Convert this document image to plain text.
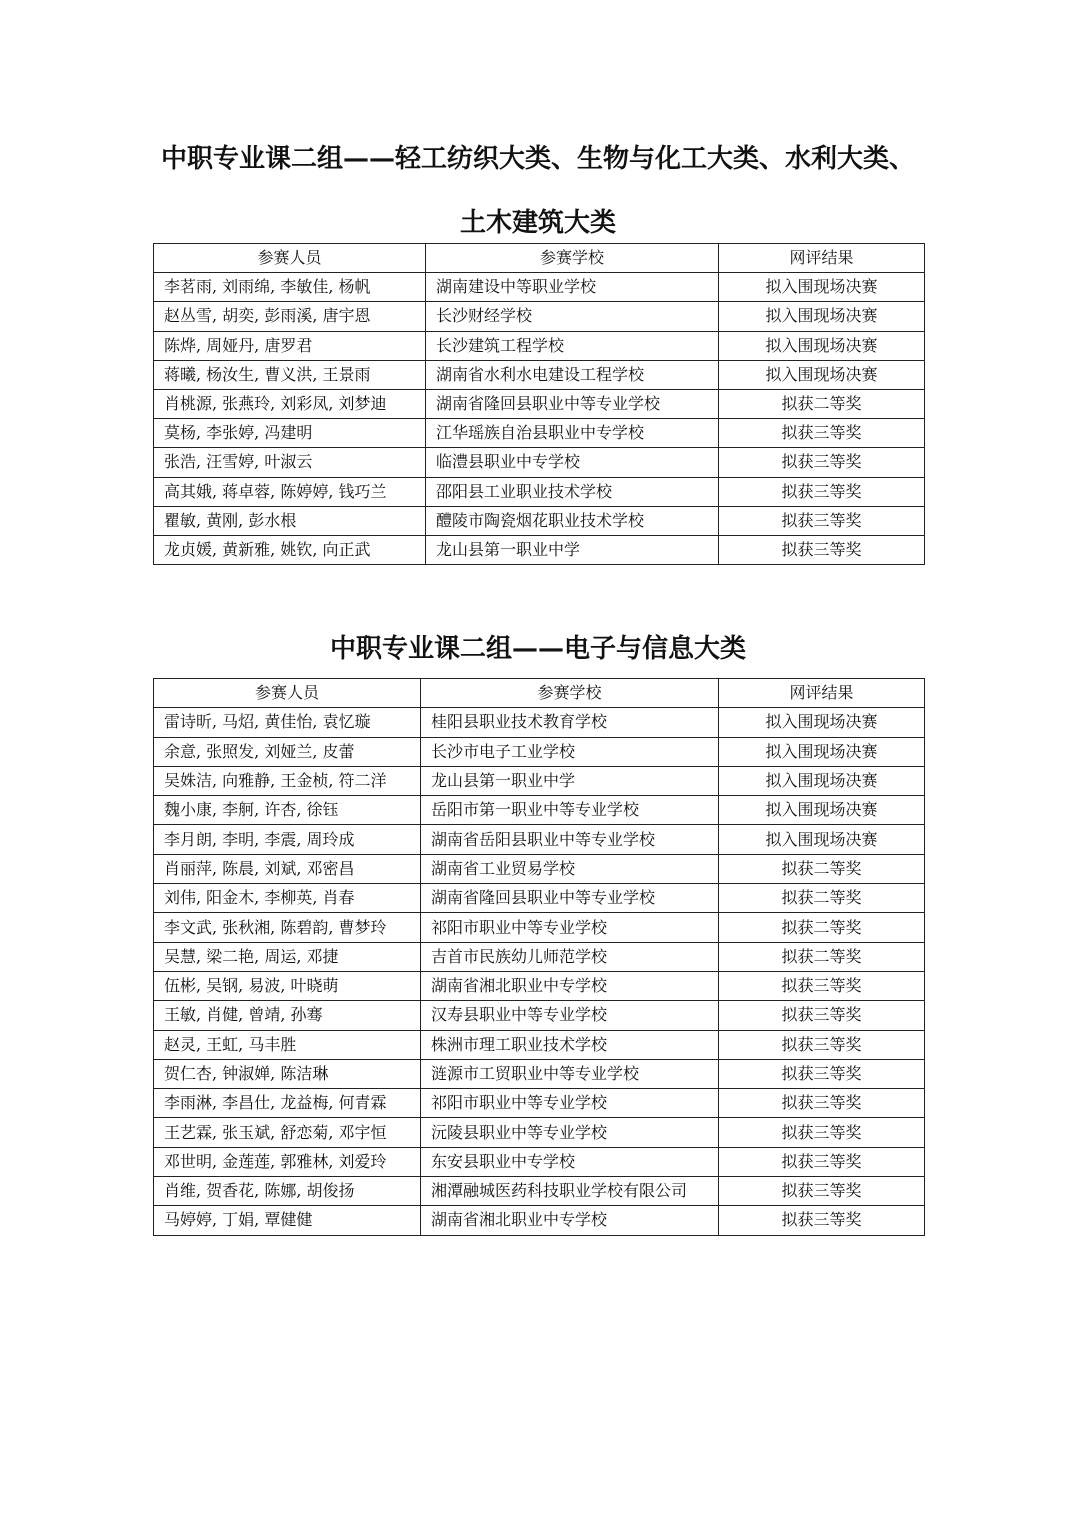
中职专业课二组——轻工纺织大类、生物与化工大类、水利大类、土木建筑大类
参赛人员	参赛学校	网评结果
李茗雨, 刘雨绵, 李敏佳, 杨帆	湖南建设中等职业学校	拟入围现场决赛
赵丛雪, 胡奕, 彭雨溪, 唐宇恩	长沙财经学校	拟入围现场决赛
陈烨, 周娅丹, 唐罗君	长沙建筑工程学校	拟入围现场决赛
蒋曦, 杨汝生, 曹义洪, 王景雨	湖南省水利水电建设工程学校	拟入围现场决赛
肖桃源, 张燕玲, 刘彩凤, 刘梦迪	湖南省隆回县职业中等专业学校	拟获二等奖
莫杨, 李张婷, 冯建明	江华瑶族自治县职业中专学校	拟获三等奖
张浩, 汪雪婷, 叶淑云	临澧县职业中专学校	拟获三等奖
高其娥, 蒋卓蓉, 陈婷婷, 钱巧兰	邵阳县工业职业技术学校	拟获三等奖
瞿敏, 黄刚, 彭水根	醴陵市陶瓷烟花职业技术学校	拟获三等奖
龙贞媛, 黄新雅, 姚钦, 向正武	龙山县第一职业中学	拟获三等奖
中职专业课二组——电子与信息大类
参赛人员	参赛学校	网评结果
雷诗昕, 马炤, 黄佳怡, 袁忆璇	桂阳县职业技术教育学校	拟入围现场决赛
余意, 张照发, 刘娅兰, 皮蕾	长沙市电子工业学校	拟入围现场决赛
吴姝洁, 向雅静, 王金桢, 符二洋	龙山县第一职业中学	拟入围现场决赛
魏小康, 李舸, 许杏, 徐钰	岳阳市第一职业中等专业学校	拟入围现场决赛
李月朗, 李明, 李震, 周玲成	湖南省岳阳县职业中等专业学校	拟入围现场决赛
肖丽萍, 陈晨, 刘斌, 邓密昌	湖南省工业贸易学校	拟获二等奖
刘伟, 阳金木, 李柳英, 肖春	湖南省隆回县职业中等专业学校	拟获二等奖
李文武, 张秋湘, 陈碧韵, 曹梦玲	祁阳市职业中等专业学校	拟获二等奖
吴慧, 梁二艳, 周运, 邓捷	吉首市民族幼儿师范学校	拟获二等奖
伍彬, 吴钢, 易波, 叶晓萌	湖南省湘北职业中专学校	拟获三等奖
王敏, 肖健, 曾靖, 孙骞	汉寿县职业中等专业学校	拟获三等奖
赵灵, 王虹, 马丰胜	株洲市理工职业技术学校	拟获三等奖
贺仁杏, 钟淑婵, 陈洁琳	涟源市工贸职业中等专业学校	拟获三等奖
李雨淋, 李昌仕, 龙益梅, 何青霖	祁阳市职业中等专业学校	拟获三等奖
王艺霖, 张玉斌, 舒恋菊, 邓宇恒	沅陵县职业中等专业学校	拟获三等奖
邓世明, 金莲莲, 郭雅林, 刘爱玲	东安县职业中专学校	拟获三等奖
肖维, 贺香花, 陈娜, 胡俊扬	湘潭融城医药科技职业学校有限公司	拟获三等奖
马婷婷, 丁娟, 覃健健	湖南省湘北职业中专学校	拟获三等奖
